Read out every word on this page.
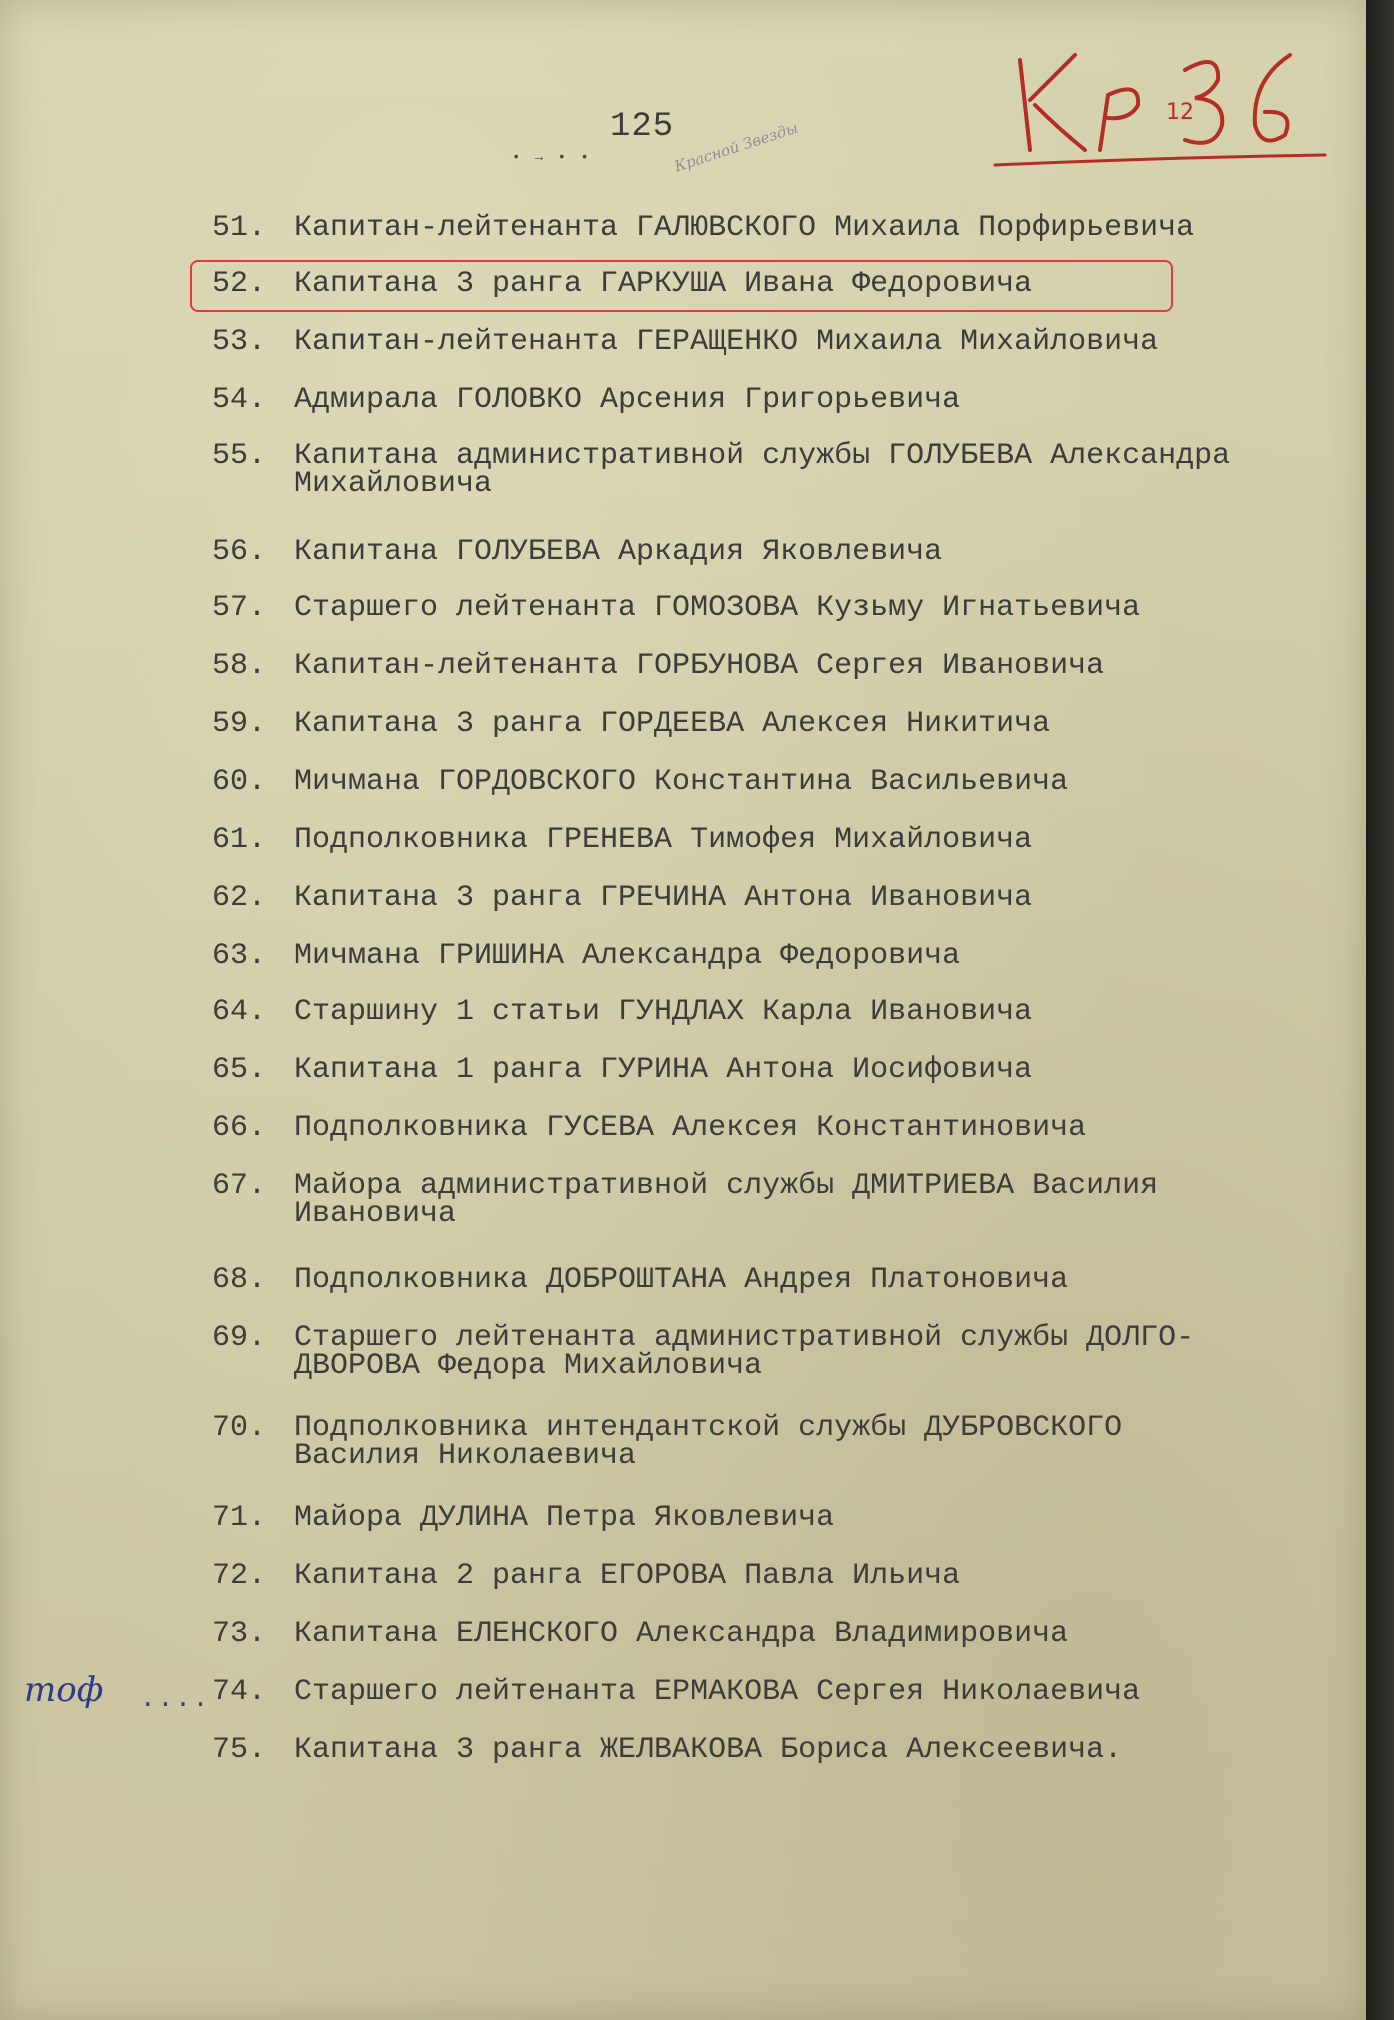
125
• → • •	Красной Звезды
12
51. Капитан-лейтенанта ГАЛЮВСКОГО Михаила Порфирьевича
52. Капитана 3 ранга ГАРКУША Ивана Федоровича
53. Капитан-лейтенанта ГЕРАЩЕНКО Михаила Михайловича
54. Адмирала ГОЛОВКО Арсения Григорьевича
55. Капитана административной службы ГОЛУБЕВА Александра
Михайловича
56. Капитана ГОЛУБЕВА Аркадия Яковлевича
57. Старшего лейтенанта ГОМОЗОВА Кузьму Игнатьевича
58. Капитан-лейтенанта ГОРБУНОВА Сергея Ивановича
59. Капитана 3 ранга ГОРДЕЕВА Алексея Никитича
60. Мичмана ГОРДОВСКОГО Константина Васильевича
61. Подполковника ГРЕНЕВА Тимофея Михайловича
62. Капитана 3 ранга ГРЕЧИНА Антона Ивановича
63. Мичмана ГРИШИНА Александра Федоровича
64. Старшину 1 статьи ГУНДЛАХ Карла Ивановича
65. Капитана 1 ранга ГУРИНА Антона Иосифовича
66. Подполковника ГУСЕВА Алексея Константиновича
67. Майора административной службы ДМИТРИЕВА Василия
Ивановича
68. Подполковника ДОБРОШТАНА Андрея Платоновича
69. Старшего лейтенанта административной службы ДОЛГО-
ДВОРОВА Федора Михайловича
70. Подполковника интендантской службы ДУБРОВСКОГО
Василия Николаевича
71. Майора ДУЛИНА Петра Яковлевича
72. Капитана 2 ранга ЕГОРОВА Павла Ильича
73. Капитана ЕЛЕНСКОГО Александра Владимировича
74. Старшего лейтенанта ЕРМАКОВА Сергея Николаевича
75. Капитана 3 ранга ЖЕЛВАКОВА Бориса Алексеевича.
тоф ....
